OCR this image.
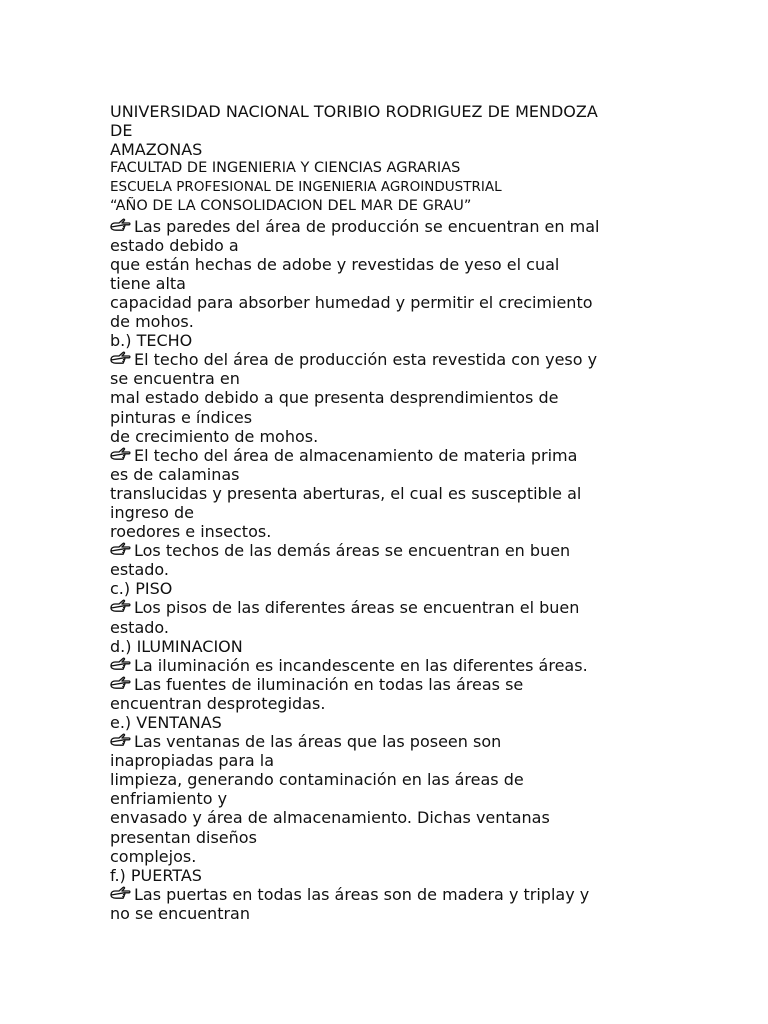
UNIVERSIDAD NACIONAL TORIBIO RODRIGUEZ DE MENDOZA
DE
AMAZONAS
FACULTAD DE INGENIERIA Y CIENCIAS AGRARIAS
ESCUELA PROFESIONAL DE INGENIERIA AGROINDUSTRIAL
“AÑO DE LA CONSOLIDACION DEL MAR DE GRAU”
Las paredes del área de producción se encuentran en mal
estado debido a
que están hechas de adobe y revestidas de yeso el cual
tiene alta
capacidad para absorber humedad y permitir el crecimiento
de mohos.
b.) TECHO
El techo del área de producción esta revestida con yeso y
se encuentra en
mal estado debido a que presenta desprendimientos de
pinturas e índices
de crecimiento de mohos.
El techo del área de almacenamiento de materia prima
es de calaminas
translucidas y presenta aberturas, el cual es susceptible al
ingreso de
roedores e insectos.
Los techos de las demás áreas se encuentran en buen
estado.
c.) PISO
Los pisos de las diferentes áreas se encuentran el buen
estado.
d.) ILUMINACION
La iluminación es incandescente en las diferentes áreas.
Las fuentes de iluminación en todas las áreas se
encuentran desprotegidas.
e.) VENTANAS
Las ventanas de las áreas que las poseen son
inapropiadas para la
limpieza, generando contaminación en las áreas de
enfriamiento y
envasado y área de almacenamiento. Dichas ventanas
presentan diseños
complejos.
f.) PUERTAS
Las puertas en todas las áreas son de madera y triplay y
no se encuentran
